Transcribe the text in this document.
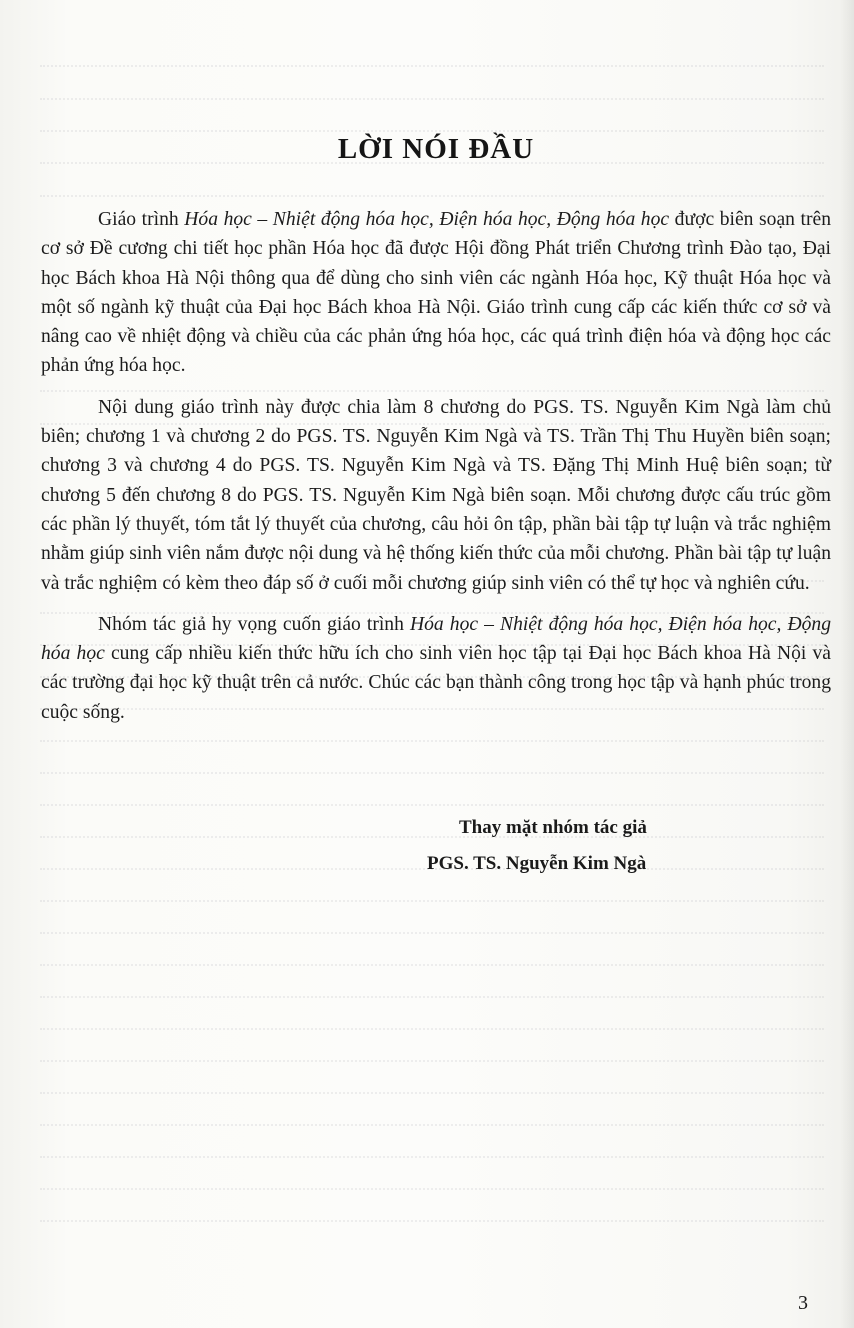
LỜI NÓI ĐẦU

Giáo trình Hóa học – Nhiệt động hóa học, Điện hóa học, Động hóa học được biên soạn trên cơ sở Đề cương chi tiết học phần Hóa học đã được Hội đồng Phát triển Chương trình Đào tạo, Đại học Bách khoa Hà Nội thông qua để dùng cho sinh viên các ngành Hóa học, Kỹ thuật Hóa học và một số ngành kỹ thuật của Đại học Bách khoa Hà Nội. Giáo trình cung cấp các kiến thức cơ sở và nâng cao về nhiệt động và chiều của các phản ứng hóa học, các quá trình điện hóa và động học các phản ứng hóa học.

Nội dung giáo trình này được chia làm 8 chương do PGS. TS. Nguyễn Kim Ngà làm chủ biên; chương 1 và chương 2 do PGS. TS. Nguyễn Kim Ngà và TS. Trần Thị Thu Huyền biên soạn; chương 3 và chương 4 do PGS. TS. Nguyễn Kim Ngà và TS. Đặng Thị Minh Huệ biên soạn; từ chương 5 đến chương 8 do PGS. TS. Nguyễn Kim Ngà biên soạn. Mỗi chương được cấu trúc gồm các phần lý thuyết, tóm tắt lý thuyết của chương, câu hỏi ôn tập, phần bài tập tự luận và trắc nghiệm nhằm giúp sinh viên nắm được nội dung và hệ thống kiến thức của mỗi chương. Phần bài tập tự luận và trắc nghiệm có kèm theo đáp số ở cuối mỗi chương giúp sinh viên có thể tự học và nghiên cứu.

Nhóm tác giả hy vọng cuốn giáo trình Hóa học – Nhiệt động hóa học, Điện hóa học, Động hóa học cung cấp nhiều kiến thức hữu ích cho sinh viên học tập tại Đại học Bách khoa Hà Nội và các trường đại học kỹ thuật trên cả nước. Chúc các bạn thành công trong học tập và hạnh phúc trong cuộc sống.

Thay mặt nhóm tác giả
PGS. TS. Nguyễn Kim Ngà
3
